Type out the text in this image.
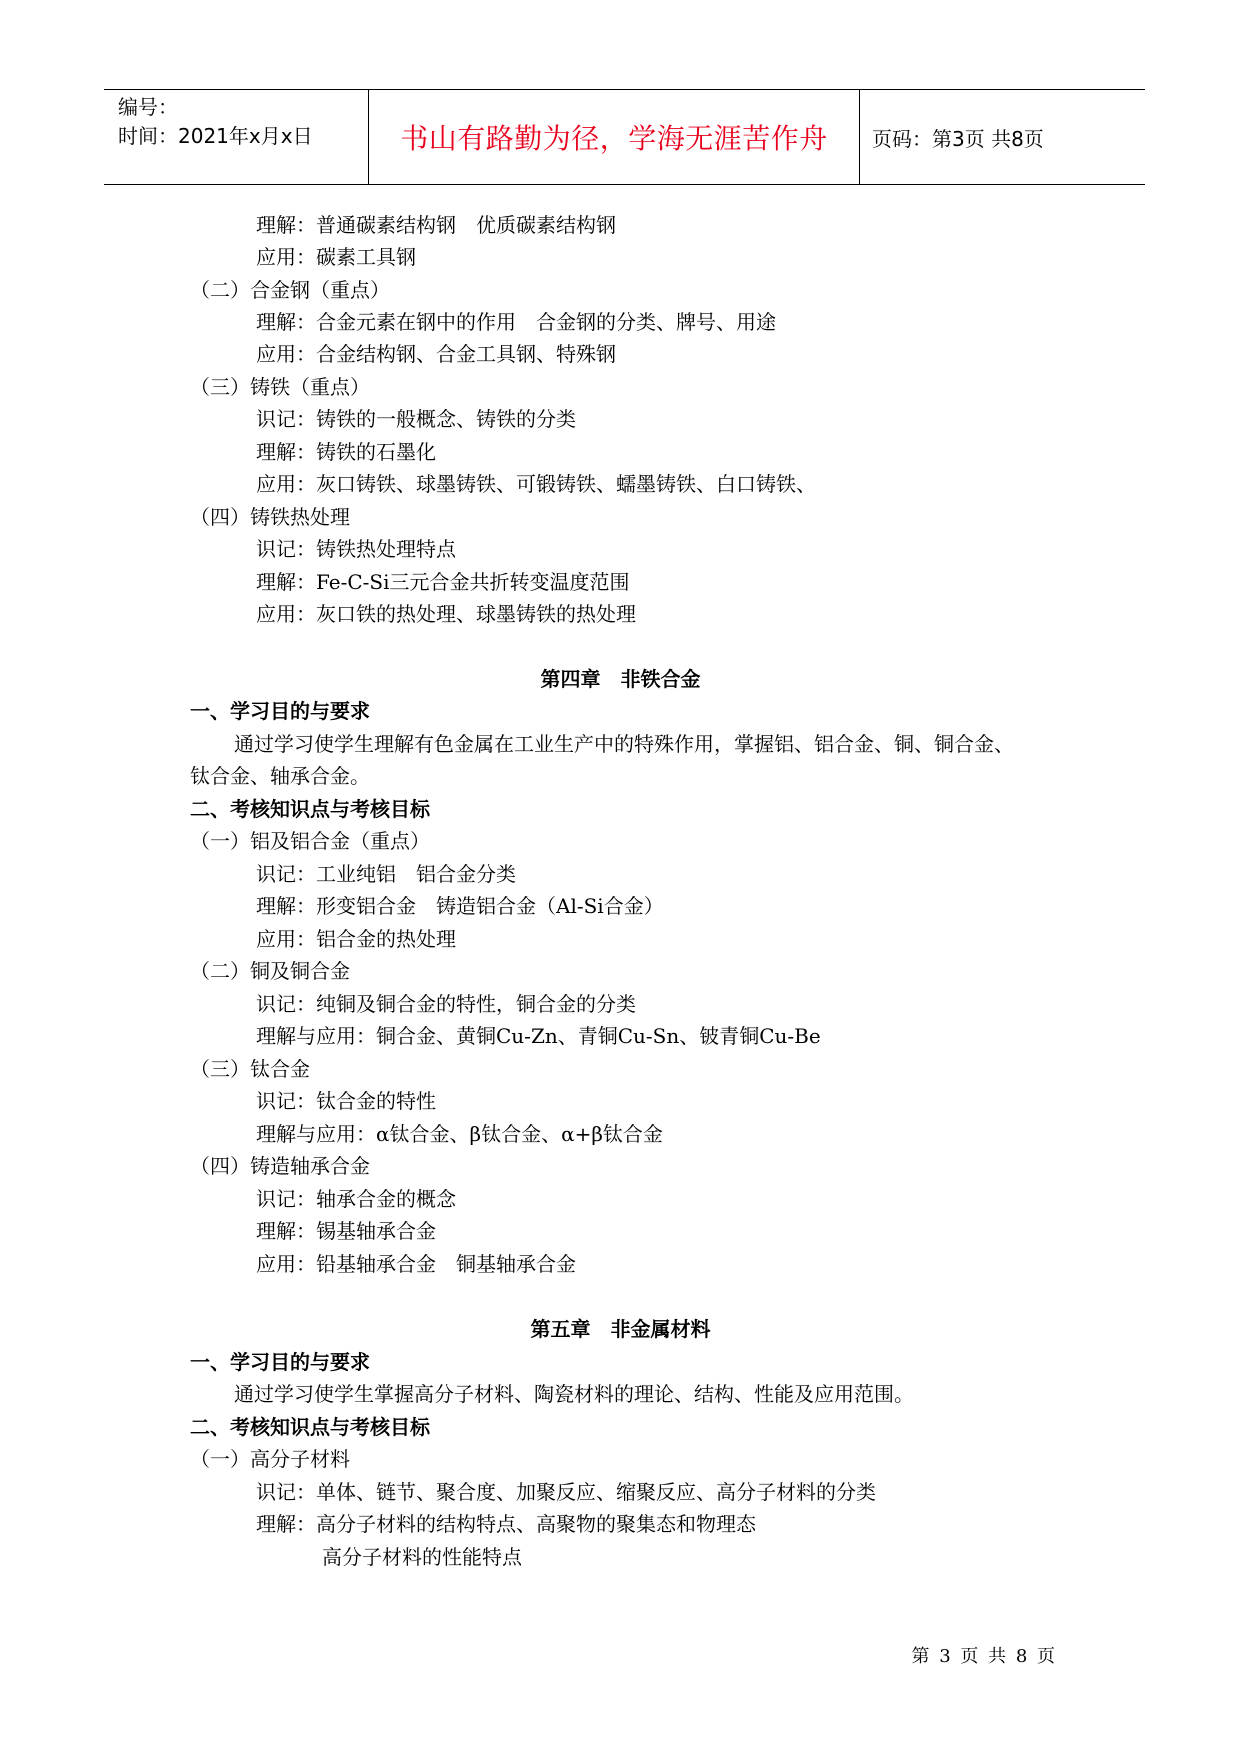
编号：
时间：2021年x月x日	书山有路勤为径，学海无涯苦作舟	页码：第3页 共8页
理解：普通碳素结构钢　优质碳素结构钢
应用：碳素工具钢
（二）合金钢（重点）
理解：合金元素在钢中的作用　合金钢的分类、牌号、用途
应用：合金结构钢、合金工具钢、特殊钢
（三）铸铁（重点）
识记：铸铁的一般概念、铸铁的分类
理解：铸铁的石墨化
应用：灰口铸铁、球墨铸铁、可锻铸铁、蠕墨铸铁、白口铸铁、
（四）铸铁热处理
识记：铸铁热处理特点
理解：Fe-C-Si三元合金共折转变温度范围
应用：灰口铁的热处理、球墨铸铁的热处理
第四章　非铁合金
一、学习目的与要求
通过学习使学生理解有色金属在工业生产中的特殊作用，掌握铝、铝合金、铜、铜合金、
钛合金、轴承合金。
二、考核知识点与考核目标
（一）铝及铝合金（重点）
识记：工业纯铝　铝合金分类
理解：形变铝合金　铸造铝合金（Al-Si合金）
应用：铝合金的热处理
（二）铜及铜合金
识记：纯铜及铜合金的特性，铜合金的分类
理解与应用：铜合金、黄铜Cu-Zn、青铜Cu-Sn、铍青铜Cu-Be
（三）钛合金
识记：钛合金的特性
理解与应用：α钛合金、β钛合金、α+β钛合金
（四）铸造轴承合金
识记：轴承合金的概念
理解：锡基轴承合金
应用：铅基轴承合金　铜基轴承合金
第五章　非金属材料
一、学习目的与要求
通过学习使学生掌握高分子材料、陶瓷材料的理论、结构、性能及应用范围。
二、考核知识点与考核目标
（一）高分子材料
识记：单体、链节、聚合度、加聚反应、缩聚反应、高分子材料的分类
理解：高分子材料的结构特点、高聚物的聚集态和物理态
高分子材料的性能特点
第 3 页 共 8 页
